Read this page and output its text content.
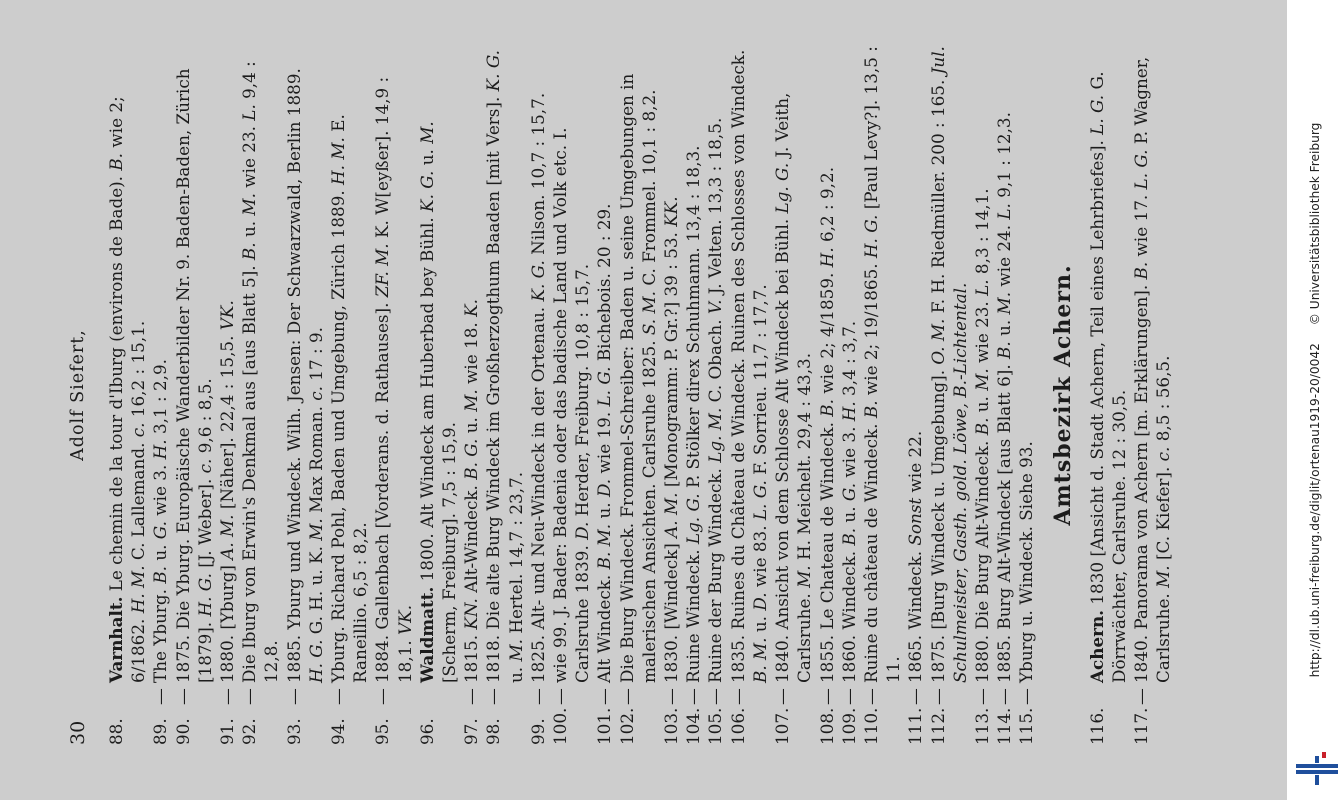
30
Adolf Siefert,
88.
Varnhalt. Le chemin de la tour d'Iburg (environs de Bade). B. wie 2; 6/1862. H. M. C. Lallemand. c. 16,2 : 15,1.
89.
—
The Yburg. B. u. G. wie 3. H. 3,1 : 2,9.
90.
—
1875. Die Yburg. Europäische Wanderbilder Nr. 9. Baden-Baden, Zürich [1879]. H. G. [J. Weber]. c. 9,6 : 8,5.
91.
—
1880. [Yburg] A. M. [Näher]. 22,4 : 15,5. VK.
92.
—
Die Iburg von Erwin's Denkmal aus [aus Blatt 5]. B. u. M. wie 23. L. 9,4 : 12,8.
93.
—
1885. Yburg und Windeck. Wilh. Jensen: Der Schwarzwald, Berlin 1889. H. G. G. H. u. K. M. Max Roman. c. 17 : 9.
94.
—
Yburg. Richard Pohl, Baden und Umgebung, Zürich 1889. H. M. E. Raneillio. 6,5 : 8,2.
95.
—
1884. Gallenbach [Vorderans. d. Rathauses]. ZF. M. K. W[eyßer]. 14,9 : 18,1. VK.
96.
Waldmatt. 1800. Alt Windeck am Huberbad bey Bühl. K. G. u. M. [Scherm, Freiburg]. 7,5 : 15,9.
97.
—
1815. KN. Alt-Windeck. B. G. u. M. wie 18. K.
98.
—
1818. Die alte Burg Windeck im Großherzogthum Baaden [mit Vers]. K. G. u. M. Hertel. 14,7 : 23,7.
99.
—
1825. Alt- und Neu-Windeck in der Ortenau. K. G. Nilson. 10,7 : 15,7.
100.
—
wie 99. J. Bader: Badenia oder das badische Land und Volk etc. I. Carlsruhe 1839. D. Herder, Freiburg. 10,8 : 15,7.
101.
—
Alt Windeck. B. M. u. D. wie 19. L. G. Bichebois. 20 : 29.
102.
—
Die Burg Windeck. Frommel-Schreiber: Baden u. seine Umgebungen in malerischen Ansichten. Carlsruhe 1825. S. M. C. Frommel. 10,1 : 8,2.
103.
—
1830. [Windeck] A. M. [Monogramm: P. Gr.?] 39 : 53. KK.
104.
—
Ruine Windeck. Lg. G. P. Stölker direx Schuhmann. 13,4 : 18,3.
105.
—
Ruine der Burg Windeck. Lg. M. C. Obach. V. J. Velten. 13,3 : 18,5.
106.
—
1835. Ruines du Château de Windeck. Ruinen des Schlosses von Windeck. B. M. u. D. wie 83. L. G. F. Sorrieu. 11,7 : 17,7.
107.
—
1840. Ansicht von dem Schlosse Alt Windeck bei Bühl. Lg. G. J. Veith, Carlsruhe. M. H. Meichelt. 29,4 : 43,3.
108.
—
1855. Le Chateau de Windeck. B. wie 2; 4/1859. H. 6,2 : 9,2.
109.
—
1860. Windeck. B. u. G. wie 3. H. 3,4 : 3,7.
110.
—
Ruine du château de Windeck. B. wie 2; 19/1865. H. G. [Paul Levy?]. 13,5 : 11.
111.
—
1865. Windeck. Sonst wie 22.
112.
—
1875. [Burg Windeck u. Umgebung]. O. M. F. H. Riedmüller. 200 : 165. Jul. Schulmeister, Gasth. gold. Löwe, B.-Lichtental.
113.
—
1880. Die Burg Alt-Windeck. B. u. M. wie 23. L. 8,3 : 14,1.
114.
—
1885. Burg Alt-Windeck [aus Blatt 6]. B. u. M. wie 24. L. 9,1 : 12,3.
115.
—
Yburg u. Windeck. Siehe 93.
Amtsbezirk Achern.
116.
Achern. 1830 [Ansicht d. Stadt Achern, Teil eines Lehrbriefes]. L. G. G. Dörrwächter, Carlsruhe. 12 : 30,5.
117.
—
1840. Panorama von Achern [m. Erklärungen]. B. wie 17. L. G. P. Wagner, Carlsruhe. M. [C. Kiefer]. c. 8,5 : 56,5.	http://dl.ub.uni-freiburg.de/diglit/ortenau1919-20/0042 © Universitätsbibliothek Freiburg
